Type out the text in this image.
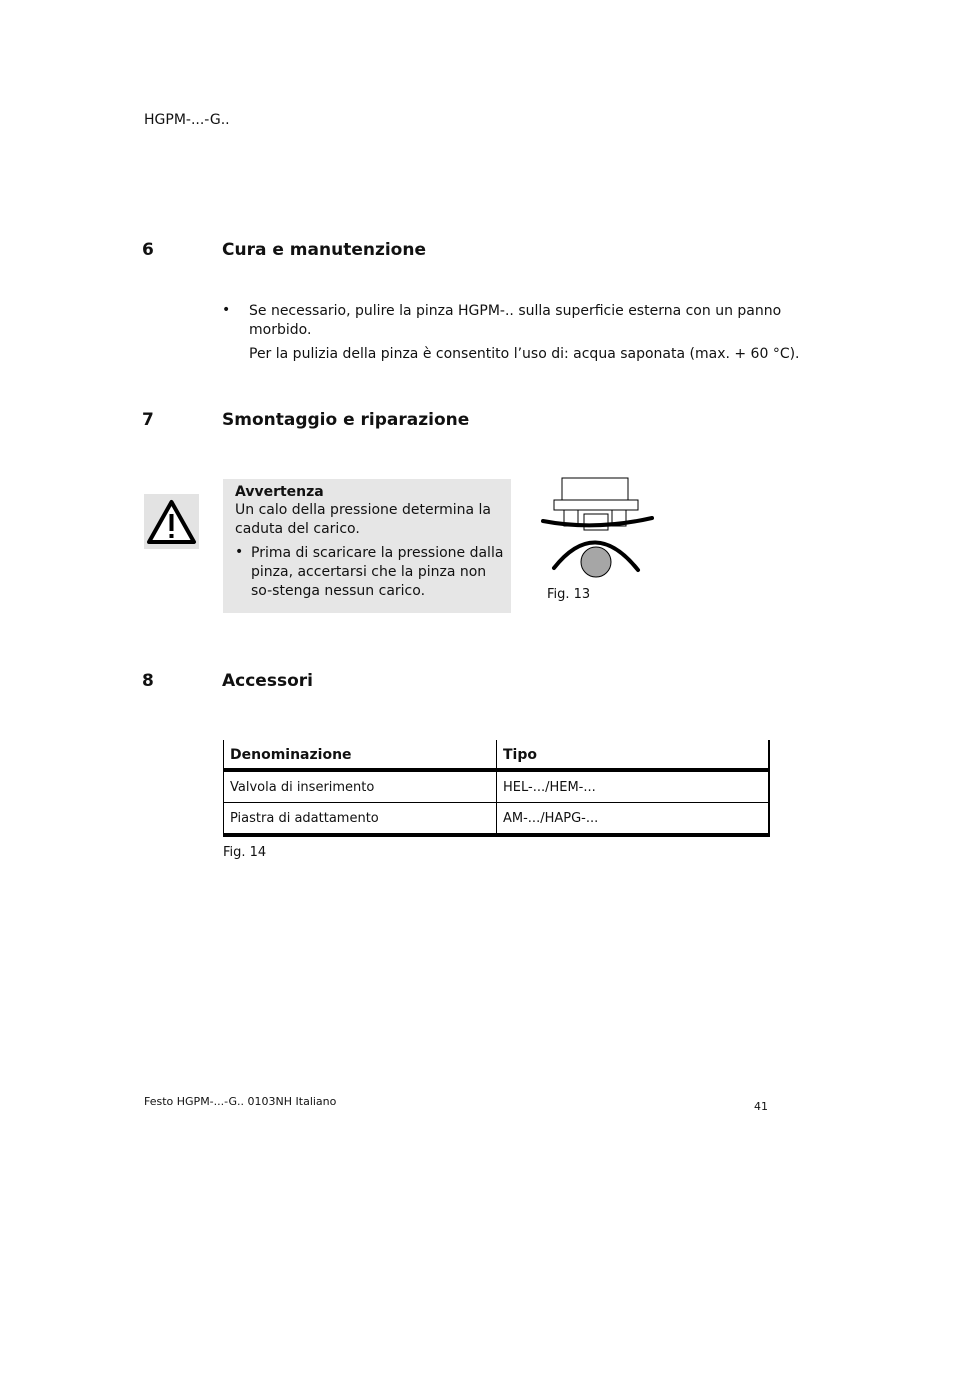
HGPM-...-G..
6	Cura e manutenzione
• Se necessario, pulire la pinza HGPM-.. sulla superficie esterna con un panno
morbido.
Per la pulizia della pinza è consentito l’uso di: acqua saponata (max. + 60 °C).
7	Smontaggio e riparazione
Avvertenza
Un calo della pressione determina la caduta del carico.
• Prima di scaricare la pressione dalla pinza, accertarsi che la pinza non so-stenga nessun carico.	Fig. 13
8	Accessori
Denominazione	Tipo
Valvola di inserimento	HEL-.../HEM-...
Piastra di adattamento	AM-.../HAPG-...
Fig. 14
Festo HGPM-...-G.. 0103NH Italiano	41
